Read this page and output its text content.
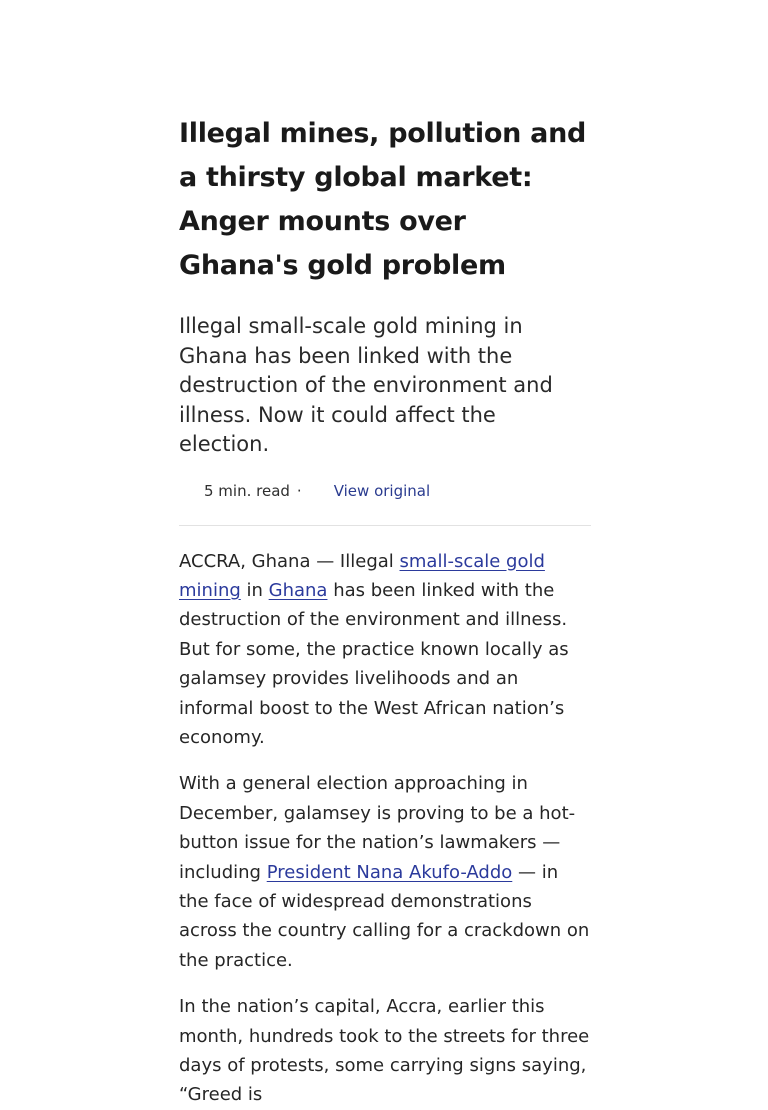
Illegal mines, pollution and a thirsty global market: Anger mounts over Ghana's gold problem

Illegal small-scale gold mining in Ghana has been linked with the destruction of the environment and illness. Now it could affect the election.

5 min. read · View original

ACCRA, Ghana — Illegal small-scale gold mining in Ghana has been linked with the destruction of the environment and illness. But for some, the practice known locally as galamsey provides livelihoods and an informal boost to the West African nation’s economy.

With a general election approaching in December, galamsey is proving to be a hot-button issue for the nation’s lawmakers — including President Nana Akufo-Addo — in the face of widespread demonstrations across the country calling for a crackdown on the practice.

In the nation’s capital, Accra, earlier this month, hundreds took to the streets for three days of protests, some carrying signs saying, “Greed is
